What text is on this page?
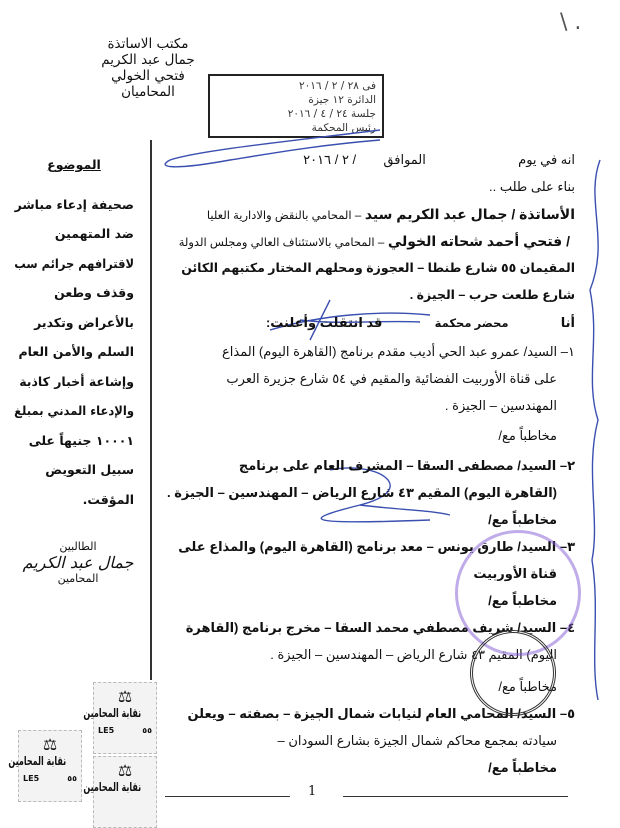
\ .
مكتب الاساتذة
جمال عبد الكريم
فتحي الخولي
المحاميان	فى ٢٨ / ٢ / ٢٠١٦
الدائرة ١٢ جيزة
جلسة ٢٤ / ٤ / ٢٠١٦
رئيس المحكمة
الموضوع
صحيفة إدعاء مباشر
ضد المتهمين
لاقترافهم جرائم سب
وقذف وطعن
بالأعراض وتكدير
السلم والأمن العام
وإشاعة أخبار كاذبة
والإدعاء المدني بمبلغ
١٠٠٠١ جنيهاً على
سبيل التعويض
المؤقت.
الطالبين
جمال عبد الكريم
المحامين
انه في يوم  الموافق  / ٢ / ٢٠١٦
بناء على طلب ..
الأساتذة / جمال عبد الكريم سيد – المحامي بالنقض والادارية العليا
/ فتحي أحمد شحاته الخولي – المحامي بالاستئناف العالي ومجلس الدولة
المقيمان ٥٥ شارع طنطا – العجوزة ومحلهم المختار مكتبهم الكائن
شارع طلعت حرب – الجيزة .
أنا  محضر محكمة  قد انتقلت وأعلنت:
١– السيد/ عمرو عبد الحي أديب مقدم برنامج (القاهرة اليوم) المذاع
على قناة الأوربيت الفضائية والمقيم في ٥٤ شارع جزيرة العرب
المهندسين – الجيزة .
مخاطباً مع/
٢– السيد/ مصطفى السقا – المشرف العام على برنامج
(القاهرة اليوم) المقيم ٤٣ شارع الرياض – المهندسين – الجيزة .
مخاطباً مع/
٣– السيد/ طارق يونس – معد برنامج (القاهرة اليوم) والمذاع على
قناة الأوربيت
مخاطباً مع/
٤– السيد/ شريف مصطفي محمد السقا – مخرج برنامج (القاهرة
اليوم) المقيم ٤٣ شارع الرياض – المهندسين – الجيزة .
مخاطباً مع/
٥– السيد/ المحامي العام لنيابات شمال الجيزة – بصفته – ويعلن
سيادته بمجمع محاكم شمال الجيزة بشارع السودان –
مخاطباً مع/
1
⚖
نقابة المحامين
LE5	٥٥
⚖
نقابة المحامين
LE5	٥٥	⚖
نقابة المحامين
